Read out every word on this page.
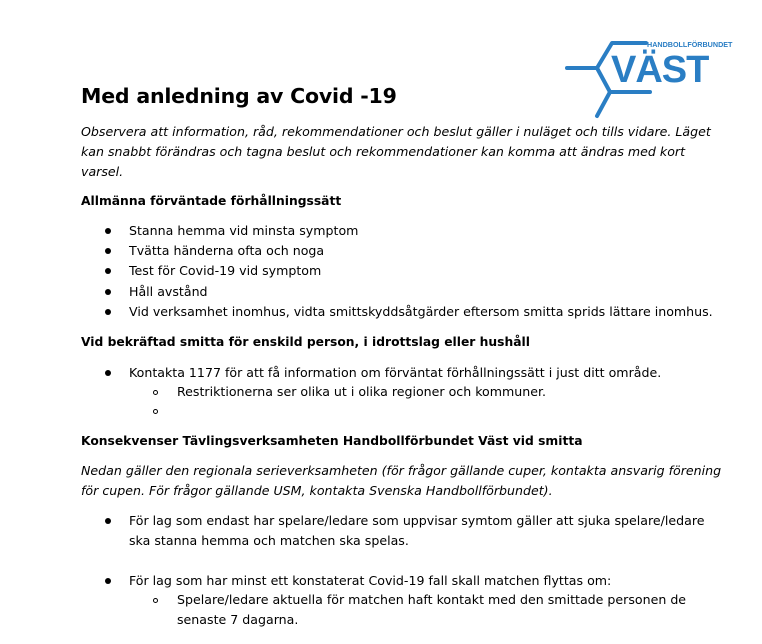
HANDBOLLFÖRBUNDET
VÄST
Med anledning av Covid -19

Observera att information, råd, rekommendationer och beslut gäller i nuläget och tills vidare. Läget

kan snabbt förändras och tagna beslut och rekommendationer kan komma att ändras med kort

varsel.

Allmänna förväntade förhållningssätt
Stanna hemma vid minsta symptom
Tvätta händerna ofta och noga
Test för Covid-19 vid symptom
Håll avstånd
Vid verksamhet inomhus, vidta smittskyddsåtgärder eftersom smitta sprids lättare inomhus.
Vid bekräftad smitta för enskild person, i idrottslag eller hushåll
Kontakta 1177 för att få information om förväntat förhållningssätt i just ditt område.
Restriktionerna ser olika ut i olika regioner och kommuner.
Konsekvenser Tävlingsverksamheten Handbollförbundet Väst vid smitta

Nedan gäller den regionala serieverksamheten (för frågor gällande cuper, kontakta ansvarig förening

för cupen. För frågor gällande USM, kontakta Svenska Handbollförbundet).

För lag som endast har spelare/ledare som uppvisar symtom gäller att sjuka spelare/ledare

ska stanna hemma och matchen ska spelas.

För lag som har minst ett konstaterat Covid-19 fall skall matchen flyttas om:

Spelare/ledare aktuella för matchen haft kontakt med den smittade personen de

senaste 7 dagarna.
